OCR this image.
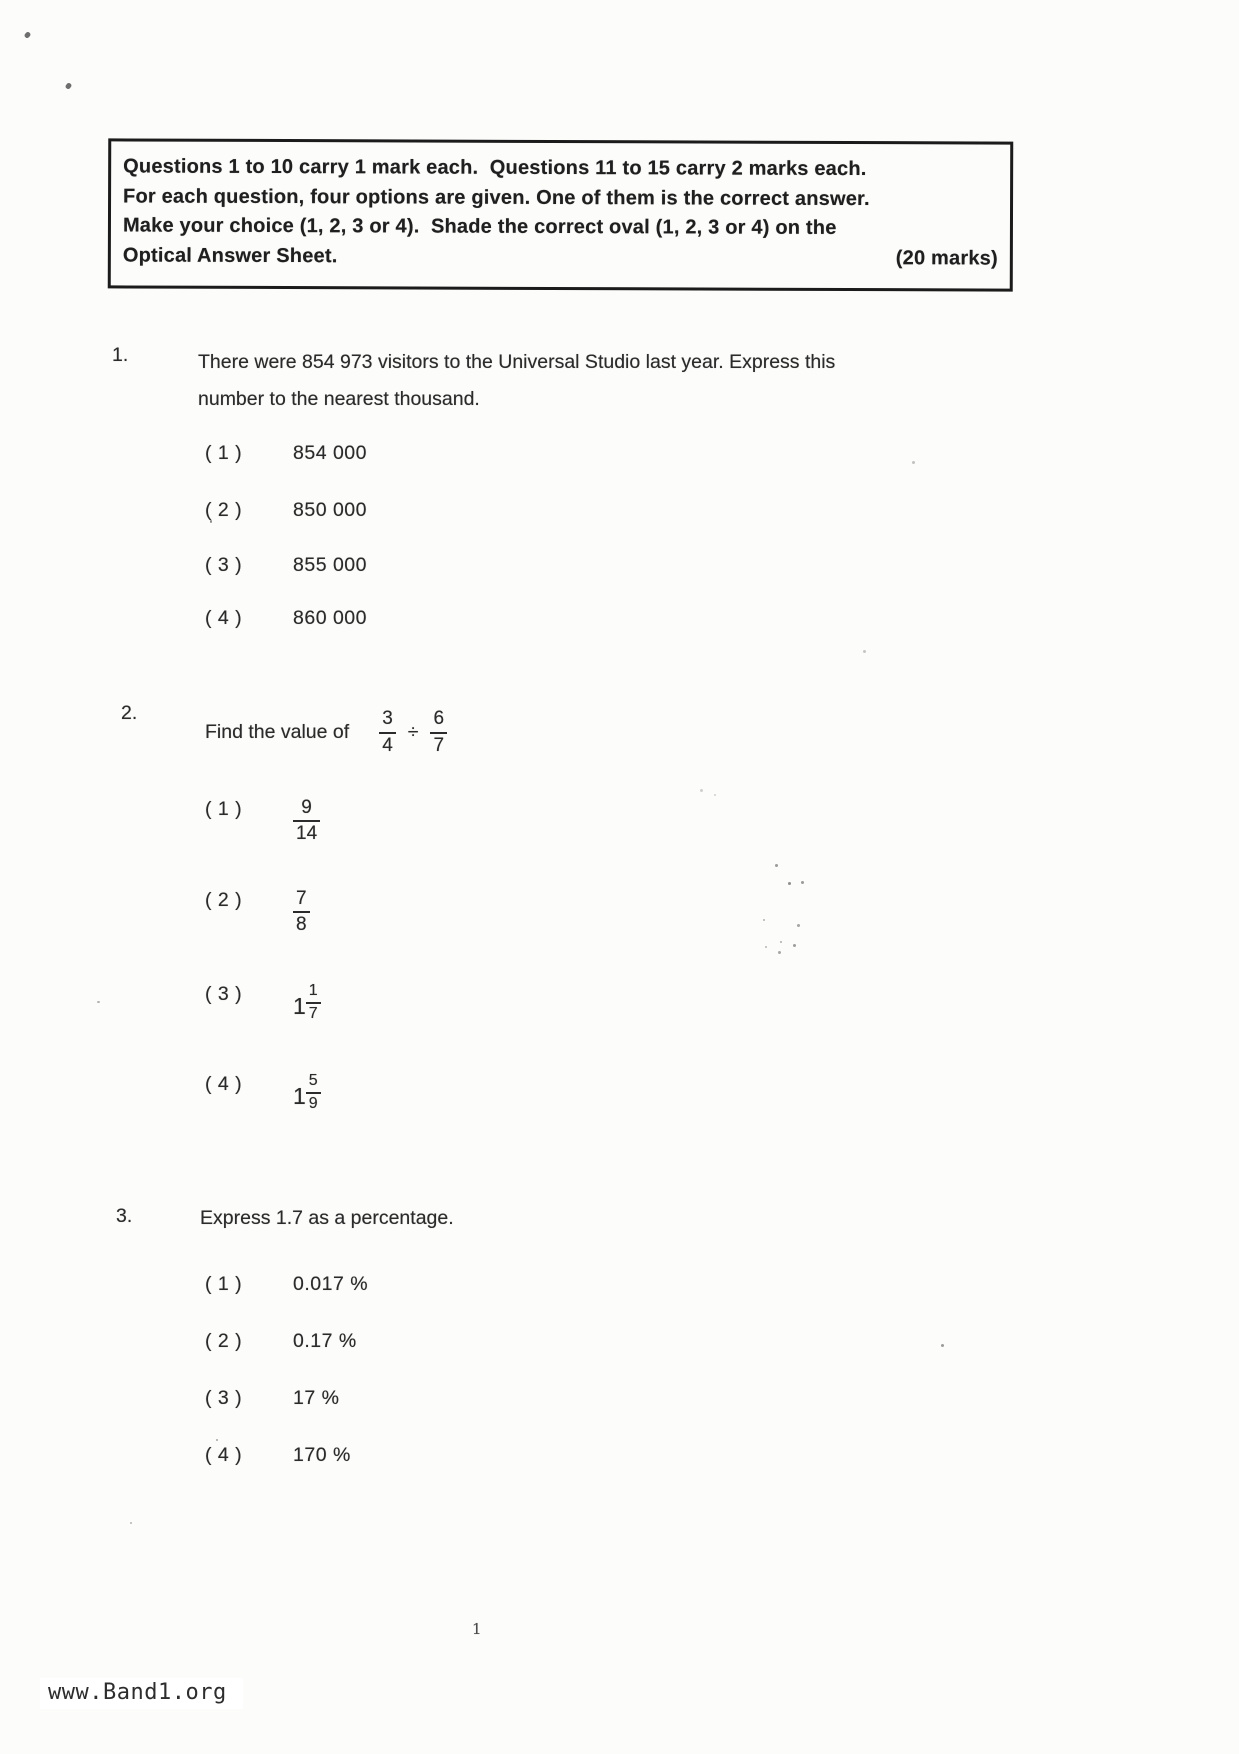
Questions 1 to 10 carry 1 mark each.  Questions 11 to 15 carry 2 marks each.
For each question, four options are given. One of them is the correct answer.
Make your choice (1, 2, 3 or 4).  Shade the correct oval (1, 2, 3 or 4) on the
Optical Answer Sheet.	(20 marks)
1.	There were 854 973 visitors to the Universal Studio last year. Express this
number to the nearest thousand.
( 1 )	854 000
( 2 )	850 000
( 3 )	855 000
( 4 )	860 000
2.
Find the value of $\frac{3}{4} \div \frac{6}{7}$
( 1 )	$\frac{9}{14}$
( 2 )	$\frac{7}{8}$
( 3 )	$1 \frac{1}{7}$
( 4 )	$1 \frac{5}{9}$
3.	Express 1.7 as a percentage.
( 1 )	0.017 %
( 2 )	0.17 %
( 3 )	17 %
( 4 )	170 %
1
www.Band1.org
